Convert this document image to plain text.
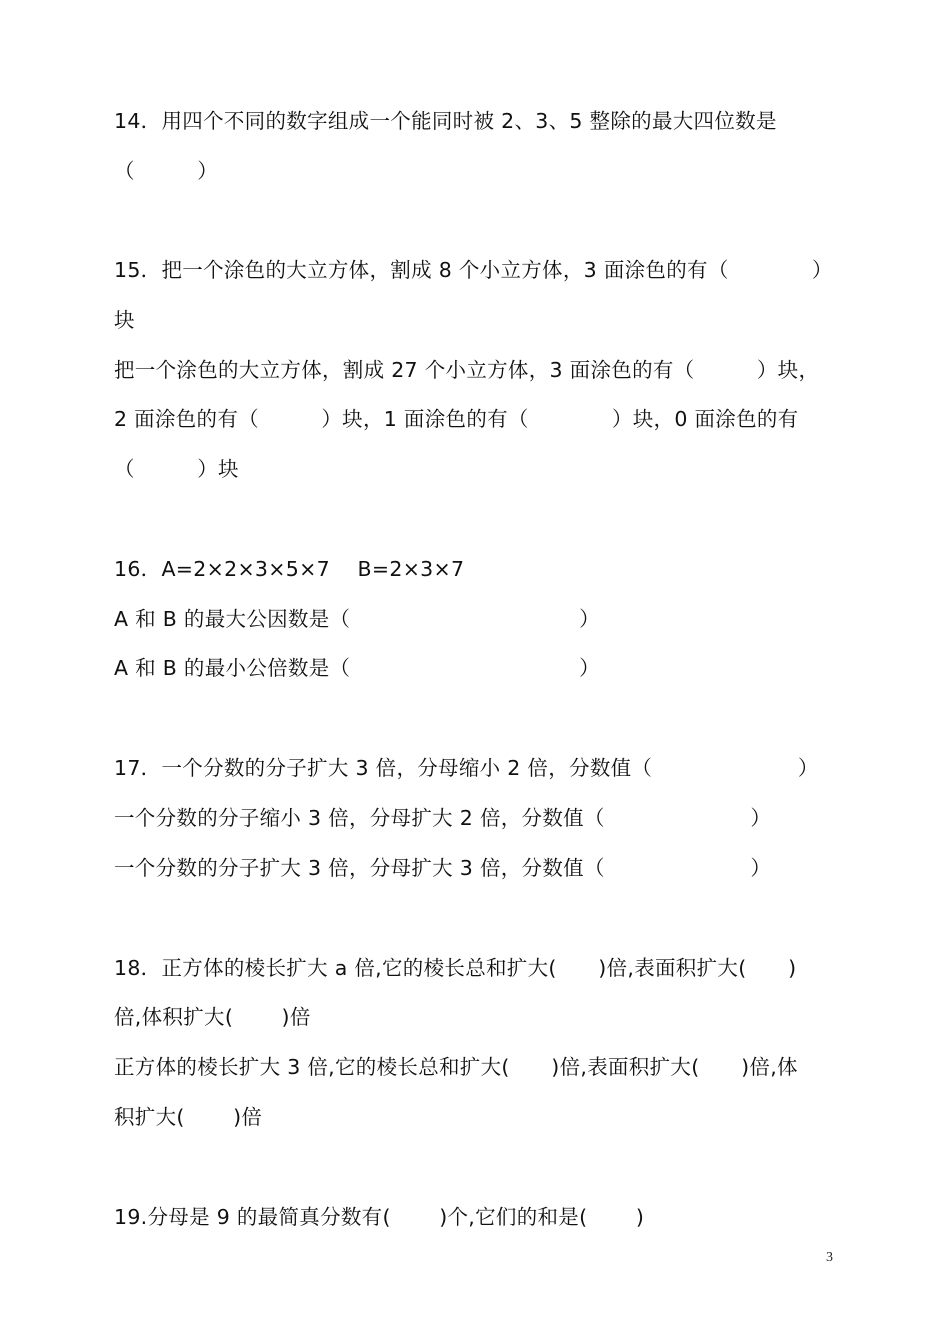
14．用四个不同的数字组成一个能同时被 2、3、5 整除的最大四位数是
（　　　）
15．把一个涂色的大立方体，割成 8 个小立方体，3 面涂色的有（　　　　）
块
把一个涂色的大立方体，割成 27 个小立方体，3 面涂色的有（　　　）块，
2 面涂色的有（　　　）块，1 面涂色的有（　　　　）块，0 面涂色的有
（　　　）块
16．A=2×2×3×5×7　 B=2×3×7
A 和 B 的最大公因数是（　　　　　　　　　　　）
A 和 B 的最小公倍数是（　　　　　　　　　　　）
17．一个分数的分子扩大 3 倍，分母缩小 2 倍，分数值（　　　　　　　）
一个分数的分子缩小 3 倍，分母扩大 2 倍，分数值（　　　　　　　）
一个分数的分子扩大 3 倍，分母扩大 3 倍，分数值（　　　　　　　）
18．正方体的棱长扩大 a 倍,它的棱长总和扩大(　　)倍,表面积扩大(　　)
倍,体积扩大(　　 )倍
正方体的棱长扩大 3 倍,它的棱长总和扩大(　　)倍,表面积扩大(　　)倍,体
积扩大(　　 )倍
19.分母是 9 的最简真分数有(　　 )个,它们的和是(　　 )
3
